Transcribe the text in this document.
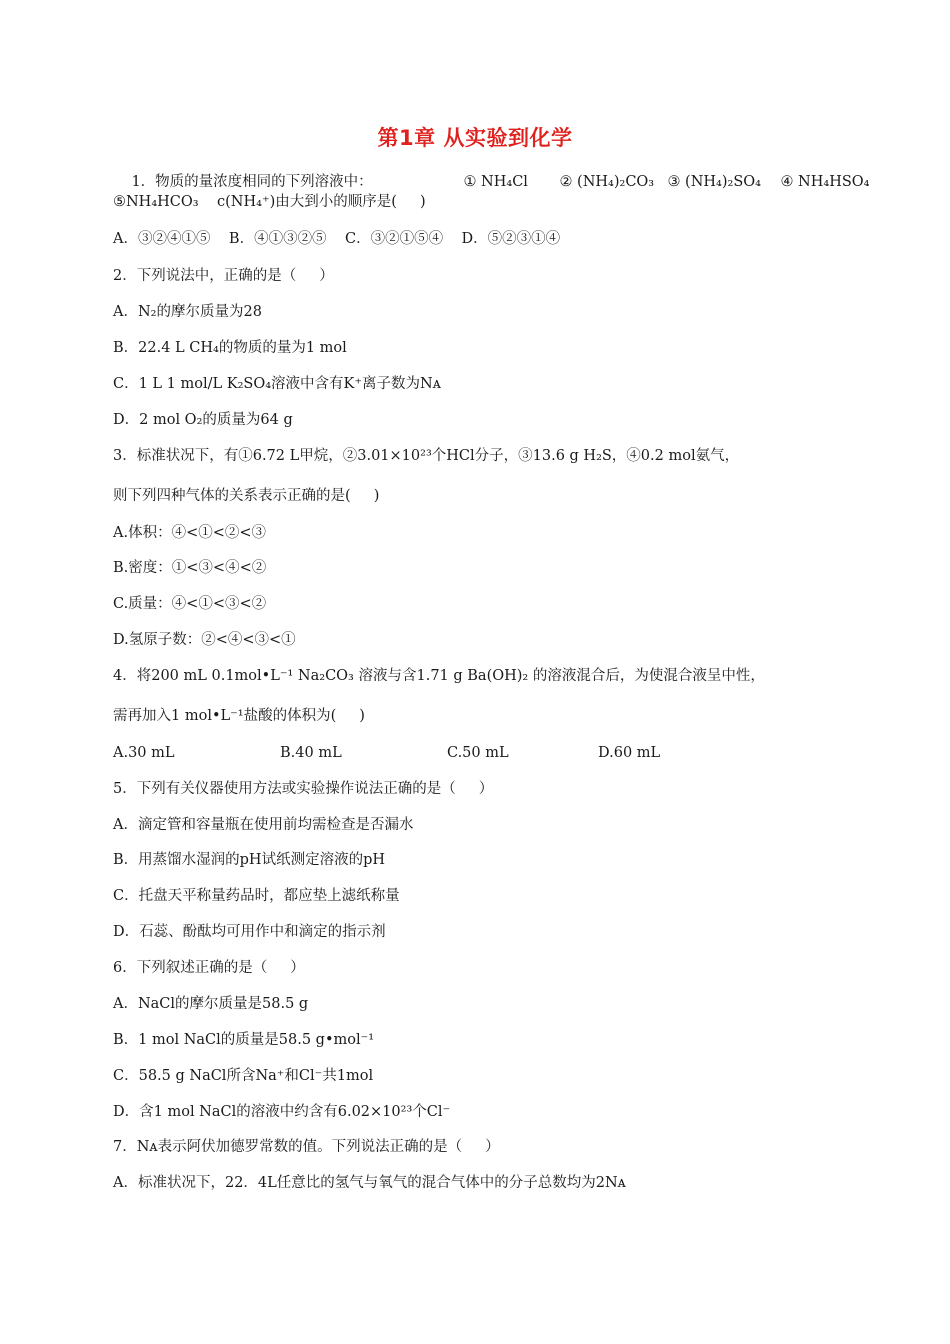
第1章 从实验到化学

1．物质的量浓度相同的下列溶液中：	① NH₄Cl ② (NH₄)₂CO₃ ③ (NH₄)₂SO₄ ④ NH₄HSO₄

⑤NH₄HCO₃    c(NH₄⁺)由大到小的顺序是(     )
A．③②④①⑤    B．④①③②⑤    C．③②①⑤④    D．⑤②③①④
2．下列说法中，正确的是（     ）
A．N₂的摩尔质量为28
B．22.4 L CH₄的物质的量为1 mol
C．1 L 1 mol/L K₂SO₄溶液中含有K⁺离子数为Nᴀ
D．2 mol O₂的质量为64 g
3．标准状况下，有①6.72 L甲烷，②3.01×10²³个HCl分子，③13.6 g H₂S，④0.2 mol氨气，
则下列四种气体的关系表示正确的是(     )
A.体积：④<①<②<③
B.密度：①<③<④<②
C.质量：④<①<③<②
D.氢原子数：②<④<③<①
4．将200 mL 0.1mol•L⁻¹ Na₂CO₃ 溶液与含1.71 g Ba(OH)₂ 的溶液混合后，为使混合液呈中性，
需再加入1 mol•L⁻¹盐酸的体积为(     )
A.30 mL	B.40 mL	C.50 mL	D.60 mL
5．下列有关仪器使用方法或实验操作说法正确的是（     ）
A．滴定管和容量瓶在使用前均需检查是否漏水
B．用蒸馏水湿润的pH试纸测定溶液的pH
C．托盘天平称量药品时，都应垫上滤纸称量
D．石蕊、酚酞均可用作中和滴定的指示剂
6．下列叙述正确的是（     ）
A．NaCl的摩尔质量是58.5 g
B．1 mol NaCl的质量是58.5 g•mol⁻¹
C．58.5 g NaCl所含Na⁺和Cl⁻共1mol
D．含1 mol NaCl的溶液中约含有6.02×10²³个Cl⁻
7．Nᴀ表示阿伏加德罗常数的值。下列说法正确的是（     ）
A．标准状况下，22．4L任意比的氢气与氧气的混合气体中的分子总数均为2Nᴀ
